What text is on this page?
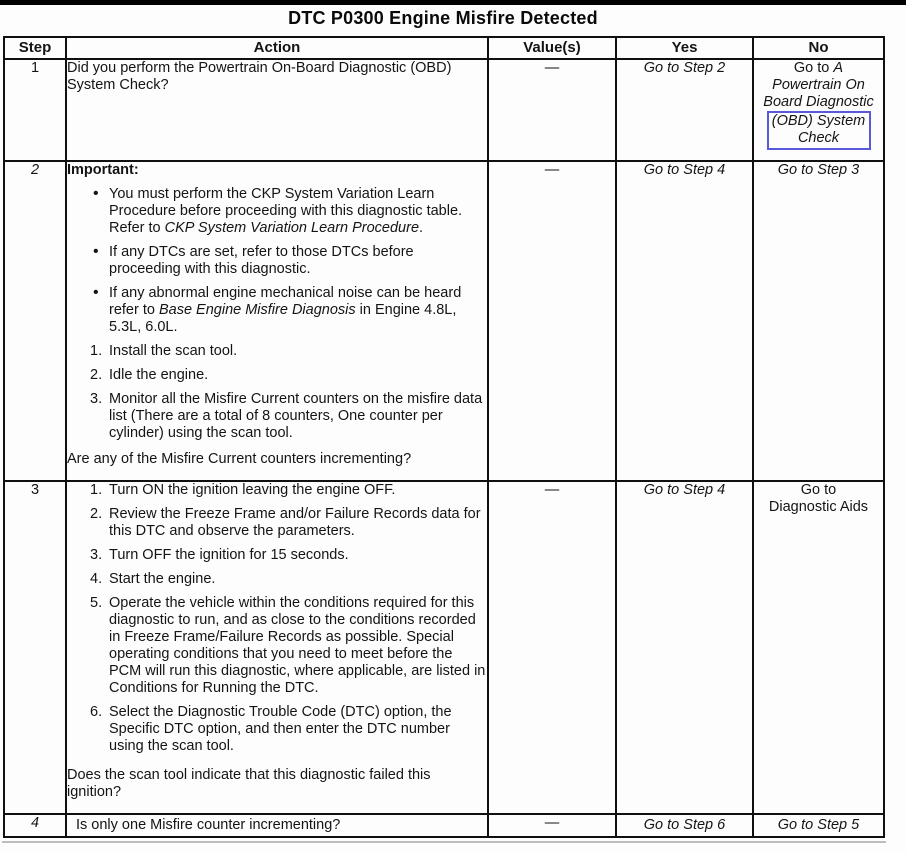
DTC P0300 Engine Misfire Detected
Step	Action	Value(s)	Yes	No
1	Did you perform the Powertrain On-Board Diagnostic (OBD) System Check?	—	Go to Step 2	Go to A Powertrain On Board Diagnostic
(OBD) System Check

2	Important:

• You must perform the CKP System Variation Learn Procedure before proceeding with this diagnostic table. Refer to CKP System Variation Learn Procedure.
• If any DTCs are set, refer to those DTCs before proceeding with this diagnostic.
• If any abnormal engine mechanical noise can be heard refer to Base Engine Misfire Diagnosis in Engine 4.8L, 5.3L, 6.0L.
Install the scan tool.
Idle the engine.
Monitor all the Misfire Current counters on the misfire data list (There are a total of 8 counters, One counter per cylinder) using the scan tool.

Are any of the Misfire Current counters incrementing?

	—	Go to Step 4	Go to Step 3
3	Turn ON the ignition leaving the engine OFF.
Review the Freeze Frame and/or Failure Records data for this DTC and observe the parameters.
Turn OFF the ignition for 15 seconds.
Start the engine.
Operate the vehicle within the conditions required for this diagnostic to run, and as close to the conditions recorded in Freeze Frame/Failure Records as possible. Special operating conditions that you need to meet before the PCM will run this diagnostic, where applicable, are listed in Conditions for Running the DTC.
Select the Diagnostic Trouble Code (DTC) option, the Specific DTC option, and then enter the DTC number using the scan tool.

Does the scan tool indicate that this diagnostic failed this ignition?

	—	Go to Step 4	Go to Diagnostic Aids

4	Is only one Misfire counter incrementing?	—	Go to Step 6	Go to Step 5
